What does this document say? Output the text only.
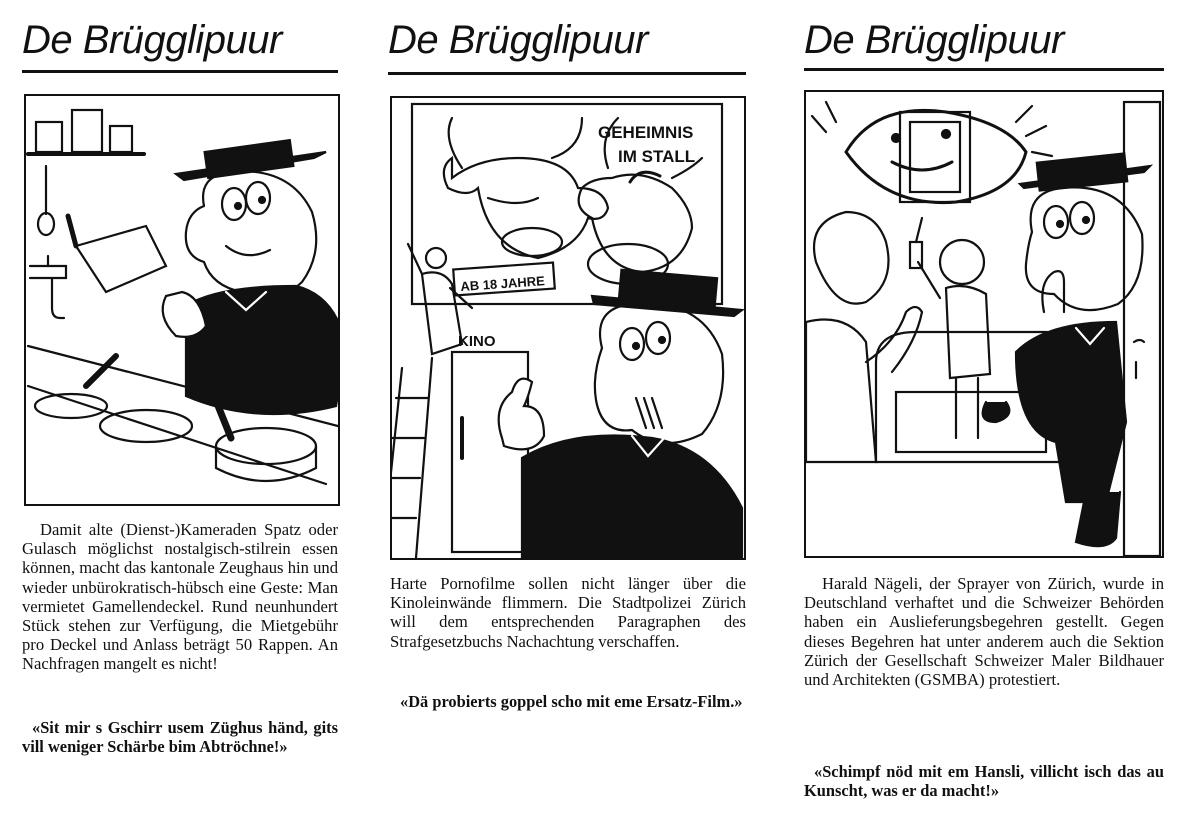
De Brügglipuur

Damit alte (Dienst-)Kameraden Spatz oder Gulasch möglichst nostalgisch-stilrein essen können, macht das kantonale Zeughaus hin und wieder unbürokratisch-hübsch eine Geste: Man vermietet Gamellendeckel. Rund neunhundert Stück stehen zur Verfügung, die Mietgebühr pro Deckel und Anlass beträgt 50 Rappen. An Nachfragen mangelt es nicht!

«Sit mir s Gschirr usem Züghus händ, gits vill weniger Schärbe bim Abtröchne!»

De Brügglipuur
GEHEIMNIS
IM STALL
AB 18 JAHRE
KINO

Harte Pornofilme sollen nicht länger über die Kinoleinwände flimmern. Die Stadtpolizei Zürich will dem entsprechenden Paragraphen des Strafgesetzbuchs Nachachtung verschaffen.

«Dä probierts goppel scho mit eme Ersatz-Film.»

De Brügglipuur

Harald Nägeli, der Sprayer von Zürich, wurde in Deutschland verhaftet und die Schweizer Behörden haben ein Auslieferungsbegehren gestellt. Gegen dieses Begehren hat unter anderem auch die Sektion Zürich der Gesellschaft Schweizer Maler Bildhauer und Architekten (GSMBA) protestiert.

«Schimpf nöd mit em Hansli, villicht isch das au Kunscht, was er da macht!»
